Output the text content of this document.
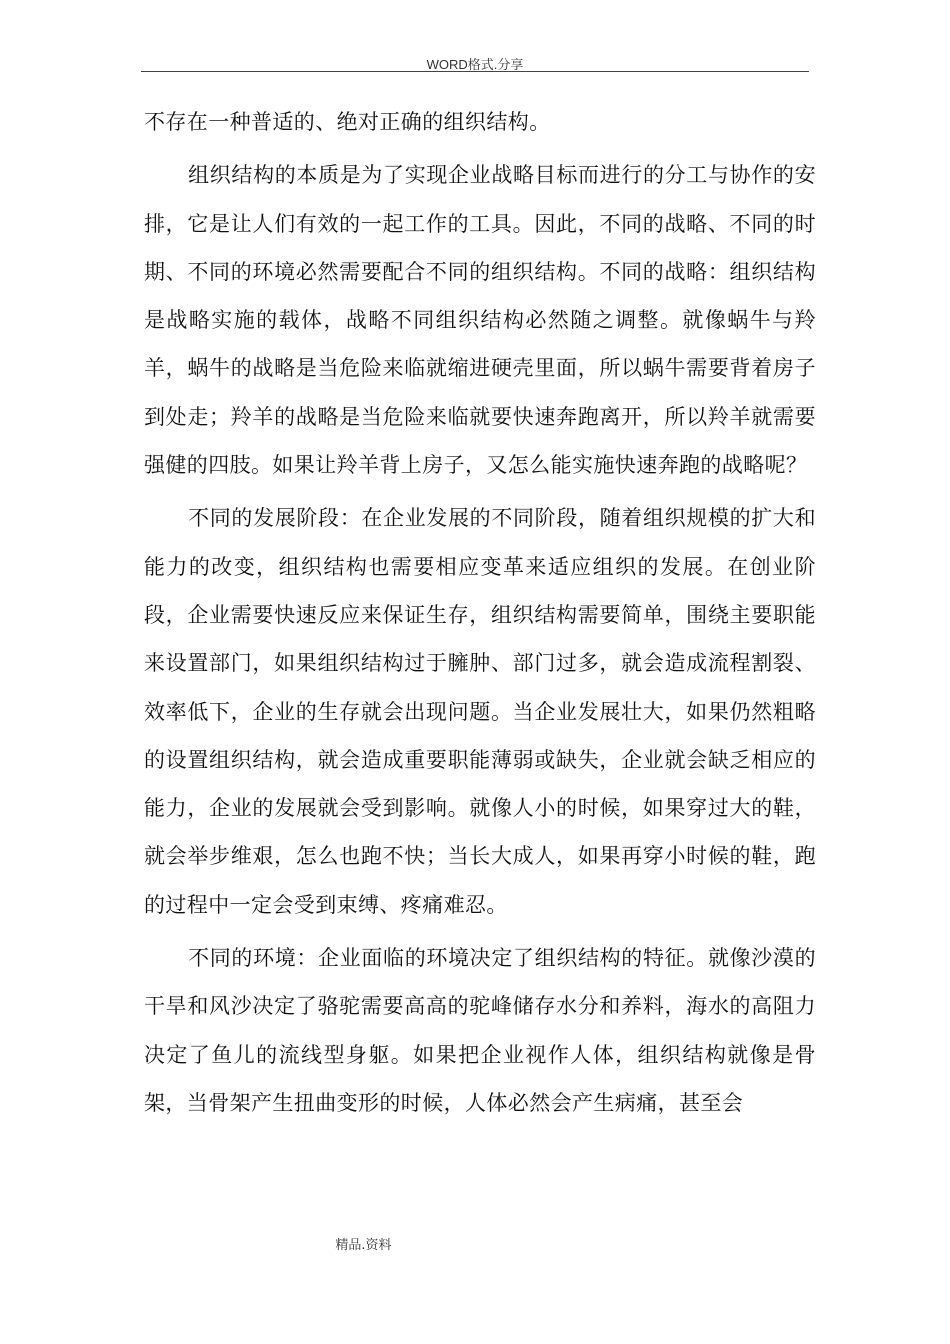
WORD格式.分享

不存在一种普适的、绝对正确的组织结构。

组织结构的本质是为了实现企业战略目标而进行的分工与协作的安排，它是让人们有效的一起工作的工具。因此，不同的战略、不同的时期、不同的环境必然需要配合不同的组织结构。不同的战略：组织结构是战略实施的载体，战略不同组织结构必然随之调整。就像蜗牛与羚羊，蜗牛的战略是当危险来临就缩进硬壳里面，所以蜗牛需要背着房子到处走；羚羊的战略是当危险来临就要快速奔跑离开，所以羚羊就需要强健的四肢。如果让羚羊背上房子，又怎么能实施快速奔跑的战略呢？

不同的发展阶段：在企业发展的不同阶段，随着组织规模的扩大和能力的改变，组织结构也需要相应变革来适应组织的发展。在创业阶段，企业需要快速反应来保证生存，组织结构需要简单，围绕主要职能来设置部门，如果组织结构过于臃肿、部门过多，就会造成流程割裂、效率低下，企业的生存就会出现问题。当企业发展壮大，如果仍然粗略的设置组织结构，就会造成重要职能薄弱或缺失，企业就会缺乏相应的能力，企业的发展就会受到影响。就像人小的时候，如果穿过大的鞋，就会举步维艰，怎么也跑不快；当长大成人，如果再穿小时候的鞋，跑的过程中一定会受到束缚、疼痛难忍。

不同的环境：企业面临的环境决定了组织结构的特征。就像沙漠的干旱和风沙决定了骆驼需要高高的驼峰储存水分和养料，海水的高阻力决定了鱼儿的流线型身躯。如果把企业视作人体，组织结构就像是骨架，当骨架产生扭曲变形的时候，人体必然会产生病痛，甚至会

精品.资料
